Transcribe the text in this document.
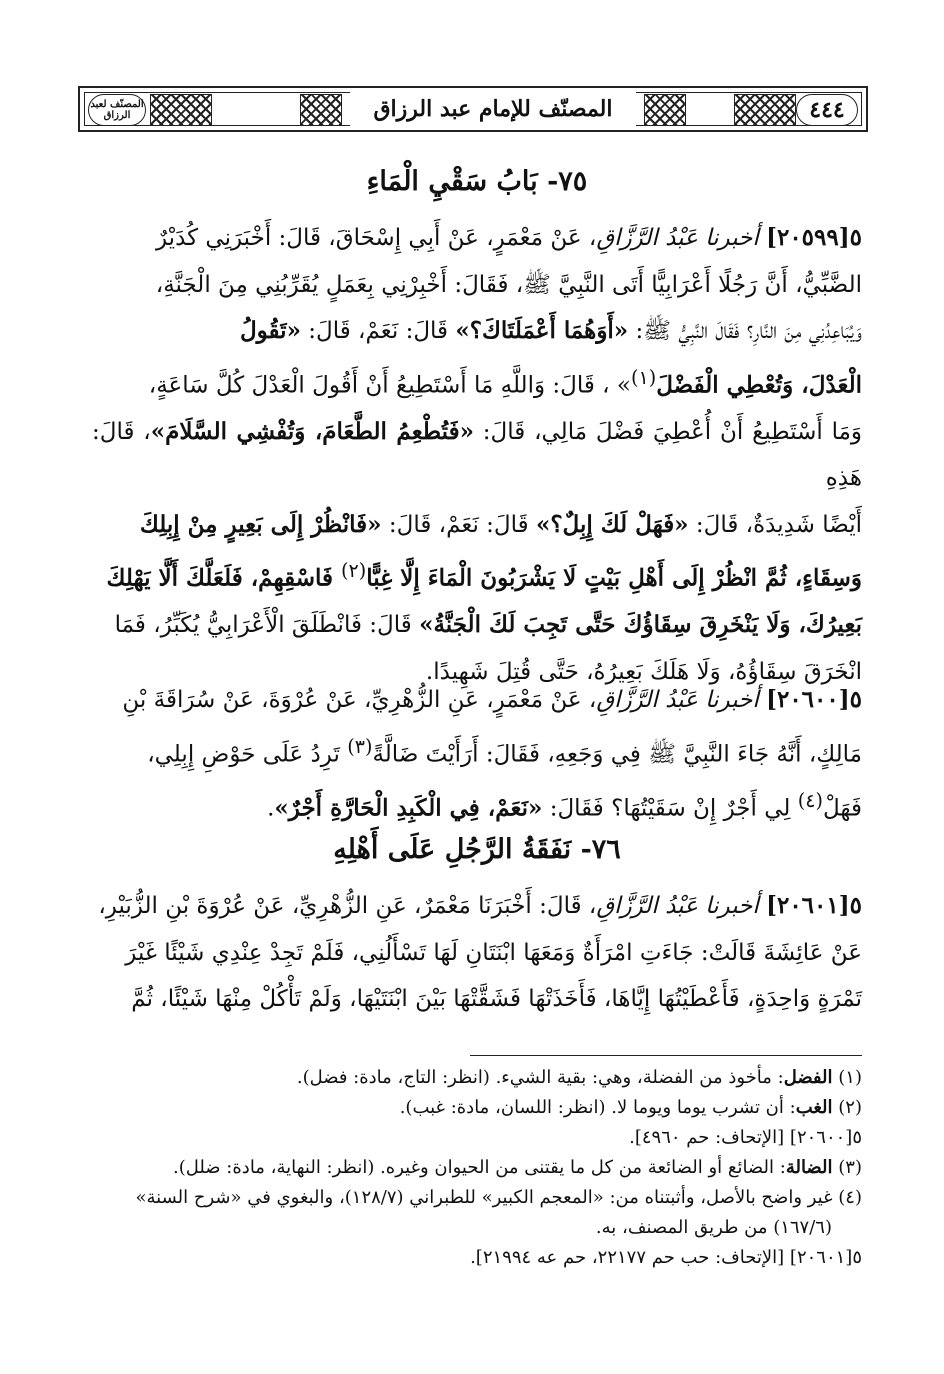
المصنّف لعبد الرزاق	المصنّف للإمام عبد الرزاق	٤٤٤
٧٥- بَابُ سَقْيِ الْمَاءِ
٥[٢٠٥٩٩] أخبرنا عَبْدُ الرَّزَّاقِ، عَنْ مَعْمَرٍ، عَنْ أَبِي إِسْحَاقَ، قَالَ: أَخْبَرَنِي كُدَيْرٌ
الضَّبِّيُّ، أَنَّ رَجُلًا أَعْرَابِيًّا أَتَى النَّبِيَّ ﷺ، فَقَالَ: أَخْبِرْنِي بِعَمَلٍ يُقَرِّبُنِي مِنَ الْجَنَّةِ،
وَيُبَاعِدُنِي مِنَ النَّارِ؟ فَقَالَ النَّبِيُّ ﷺ: «أَوَهُمَا أَعْمَلَتَاكَ؟» قَالَ: نَعَمْ، قَالَ: «تَقُولُ
الْعَدْلَ، وَتُعْطِي الْفَضْلَ$^{(١)}$» ، قَالَ: وَاللَّهِ مَا أَسْتَطِيعُ أَنْ أَقُولَ الْعَدْلَ كُلَّ سَاعَةٍ،
وَمَا أَسْتَطِيعُ أَنْ أُعْطِيَ فَضْلَ مَالِي، قَالَ: «فَتُطْعِمُ الطَّعَامَ، وَتُفْشِي السَّلَامَ»، قَالَ: هَذِهِ
أَيْضًا شَدِيدَةٌ، قَالَ: «فَهَلْ لَكَ إِبِلٌ؟» قَالَ: نَعَمْ، قَالَ: «فَانْظُرْ إِلَى بَعِيرٍ مِنْ إِبِلِكَ
وَسِقَاءٍ، ثُمَّ انْظُرْ إِلَى أَهْلِ بَيْتٍ لَا يَشْرَبُونَ الْمَاءَ إِلَّا غِبًّا$^{(٢)}$ فَاسْقِهِمْ، فَلَعَلَّكَ أَلَّا يَهْلِكَ
بَعِيرُكَ، وَلَا يَنْخَرِقَ سِقَاؤُكَ حَتَّى تَجِبَ لَكَ الْجَنَّةُ» قَالَ: فَانْطَلَقَ الْأَعْرَابِيُّ يُكَبِّرُ، فَمَا
انْخَرَقَ سِقَاؤُهُ، وَلَا هَلَكَ بَعِيرُهُ، حَتَّى قُتِلَ شَهِيدًا.
٥[٢٠٦٠٠] أخبرنا عَبْدُ الرَّزَّاقِ، عَنْ مَعْمَرٍ، عَنِ الزُّهْرِيِّ، عَنْ عُرْوَةَ، عَنْ سُرَاقَةَ بْنِ
مَالِكٍ، أَنَّهُ جَاءَ النَّبِيَّ ﷺ فِي وَجَعِهِ، فَقَالَ: أَرَأَيْتَ ضَالَّةً$^{(٣)}$ تَرِدُ عَلَى حَوْضِ إِبِلِي،
فَهَلْ$^{(٤)}$ لِي أَجْرٌ إِنْ سَقَيْتُهَا؟ فَقَالَ: «نَعَمْ، فِي الْكَبِدِ الْحَارَّةِ أَجْرٌ».
٧٦- نَفَقَةُ الرَّجُلِ عَلَى أَهْلِهِ
٥[٢٠٦٠١] أخبرنا عَبْدُ الرَّزَّاقِ، قَالَ: أَخْبَرَنَا مَعْمَرٌ، عَنِ الزُّهْرِيِّ، عَنْ عُرْوَةَ بْنِ الزُّبَيْرِ،
عَنْ عَائِشَةَ قَالَتْ: جَاءَتِ امْرَأَةٌ وَمَعَهَا ابْنَتَانِ لَهَا تَسْأَلُنِي، فَلَمْ تَجِدْ عِنْدِي شَيْئًا غَيْرَ
تَمْرَةٍ وَاحِدَةٍ، فَأَعْطَيْتُهَا إِيَّاهَا، فَأَخَذَتْهَا فَشَقَّتْهَا بَيْنَ ابْنَتَيْهَا، وَلَمْ تَأْكُلْ مِنْهَا شَيْئًا، ثُمَّ
(١) الفضل: مأخوذ من الفضلة، وهي: بقية الشيء. (انظر: التاج، مادة: فضل).
(٢) الغب: أن تشرب يوما ويوما لا. (انظر: اللسان، مادة: غبب).
٥[٢٠٦٠٠] [الإتحاف: حم ٤٩٦٠].
(٣) الضالة: الضائع أو الضائعة من كل ما يقتنى من الحيوان وغيره. (انظر: النهاية، مادة: ضلل).
(٤) غير واضح بالأصل، وأثبتناه من: «المعجم الكبير» للطبراني (١٢٨/٧)، والبغوي في «شرح السنة»
(١٦٧/٦) من طريق المصنف، به.
٥[٢٠٦٠١] [الإتحاف: حب حم ٢٢١٧٧، حم عه ٢١٩٩٤].
